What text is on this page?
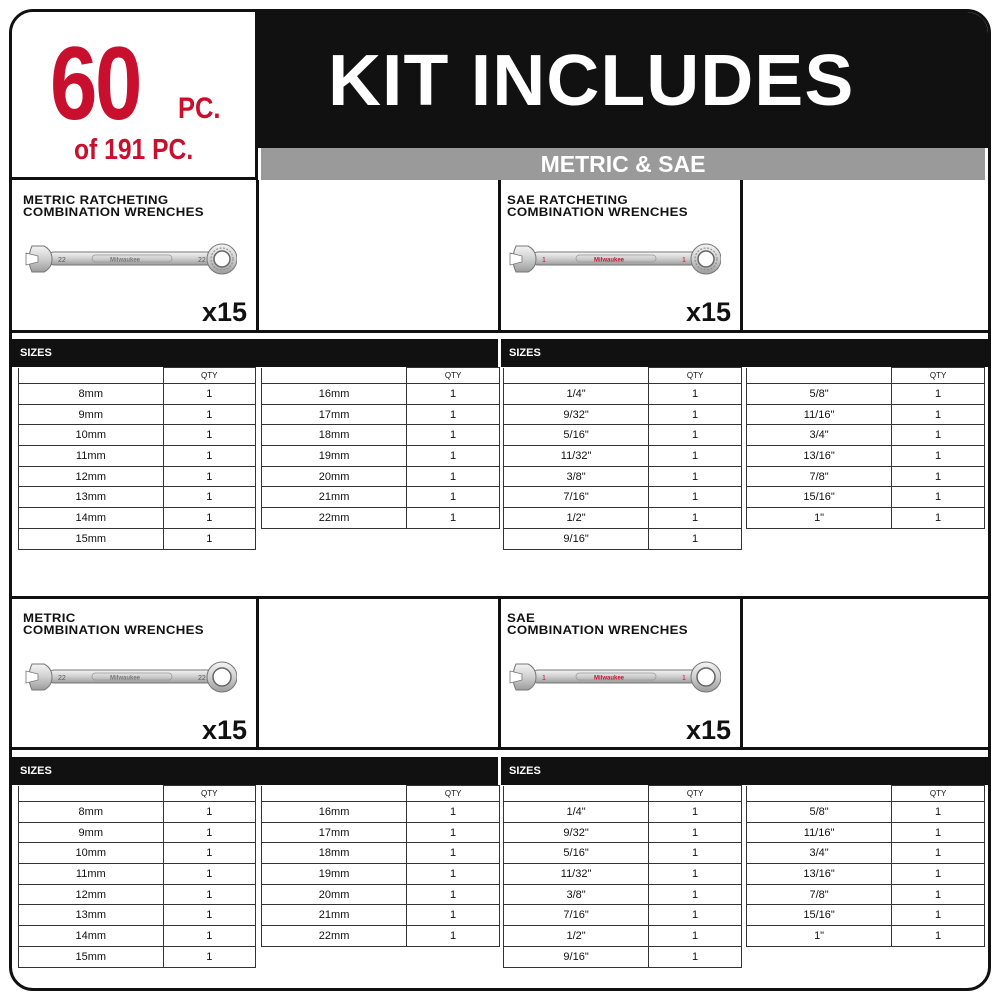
60 PC.
of 191 PC.
KIT INCLUDES
METRIC & SAE
METRIC RATCHETING
COMBINATION WRENCHES
Milwaukee
22	22
x15
SAE RATCHETING
COMBINATION WRENCHES
Milwaukee
1	1
x15
SIZES	SIZES
	QTY
8mm	1
9mm	1
10mm	1
11mm	1
12mm	1
13mm	1
14mm	1
15mm	1
	QTY
16mm	1
17mm	1
18mm	1
19mm	1
20mm	1
21mm	1
22mm	1
	QTY
1/4"	1
9/32"	1
5/16"	1
11/32"	1
3/8"	1
7/16"	1
1/2"	1
9/16"	1
	QTY
5/8"	1
11/16"	1
3/4"	1
13/16"	1
7/8"	1
15/16"	1
1"	1
METRIC
COMBINATION WRENCHES
Milwaukee
22	22
x15
SAE
COMBINATION WRENCHES
Milwaukee
1	1
x15
SIZES	SIZES
	QTY
8mm	1
9mm	1
10mm	1
11mm	1
12mm	1
13mm	1
14mm	1
15mm	1
	QTY
16mm	1
17mm	1
18mm	1
19mm	1
20mm	1
21mm	1
22mm	1
	QTY
1/4"	1
9/32"	1
5/16"	1
11/32"	1
3/8"	1
7/16"	1
1/2"	1
9/16"	1
	QTY
5/8"	1
11/16"	1
3/4"	1
13/16"	1
7/8"	1
15/16"	1
1"	1
